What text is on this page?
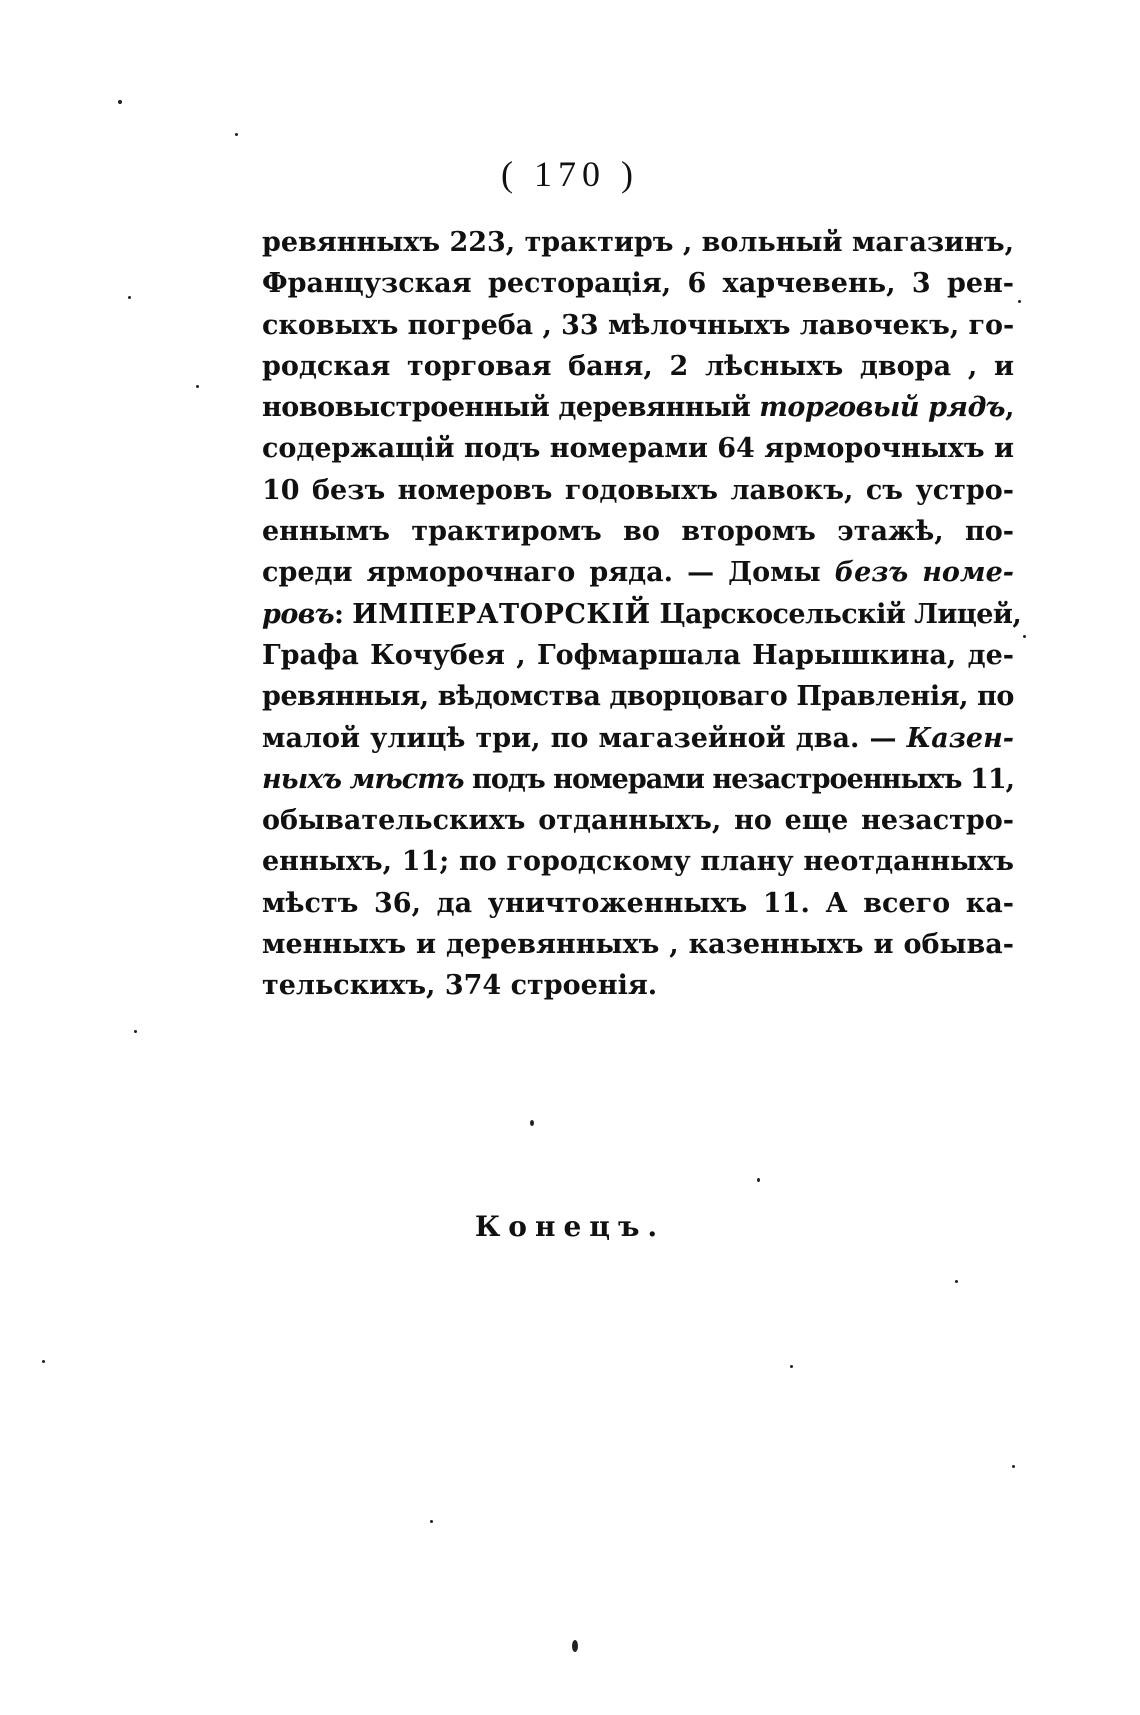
( 170 )
ревянныхъ 223, трактиръ , вольный магазинъ,
Французская ресторація, 6 харчевень, 3 рен-
сковыхъ погреба , 33 мѣлочныхъ лавочекъ, го-
родская торговая баня, 2 лѣсныхъ двора , и
нововыстроенный деревянный торговый рядъ,
содержащій подъ номерами 64 ярморочныхъ и
10 безъ номеровъ годовыхъ лавокъ, съ устро-
еннымъ трактиромъ во второмъ этажѣ, по-
среди ярморочнаго ряда. — Домы безъ номе-
ровъ: ИМПЕРАТОРСКІЙ Царскосельскій Лицей,
Графа Кочубея , Гофмаршала Нарышкина, де-
ревянныя, вѣдомства дворцоваго Правленія, по
малой улицѣ три, по магазейной два. — Казен-
ныхъ мѣстъ подъ номерами незастроенныхъ 11,
обывательскихъ отданныхъ, но еще незастро-
енныхъ, 11; по городскому плану неотданныхъ
мѣстъ 36, да уничтоженныхъ 11. А всего ка-
менныхъ и деревянныхъ , казенныхъ и обыва-
тельскихъ, 374 строенія.
Конецъ.
